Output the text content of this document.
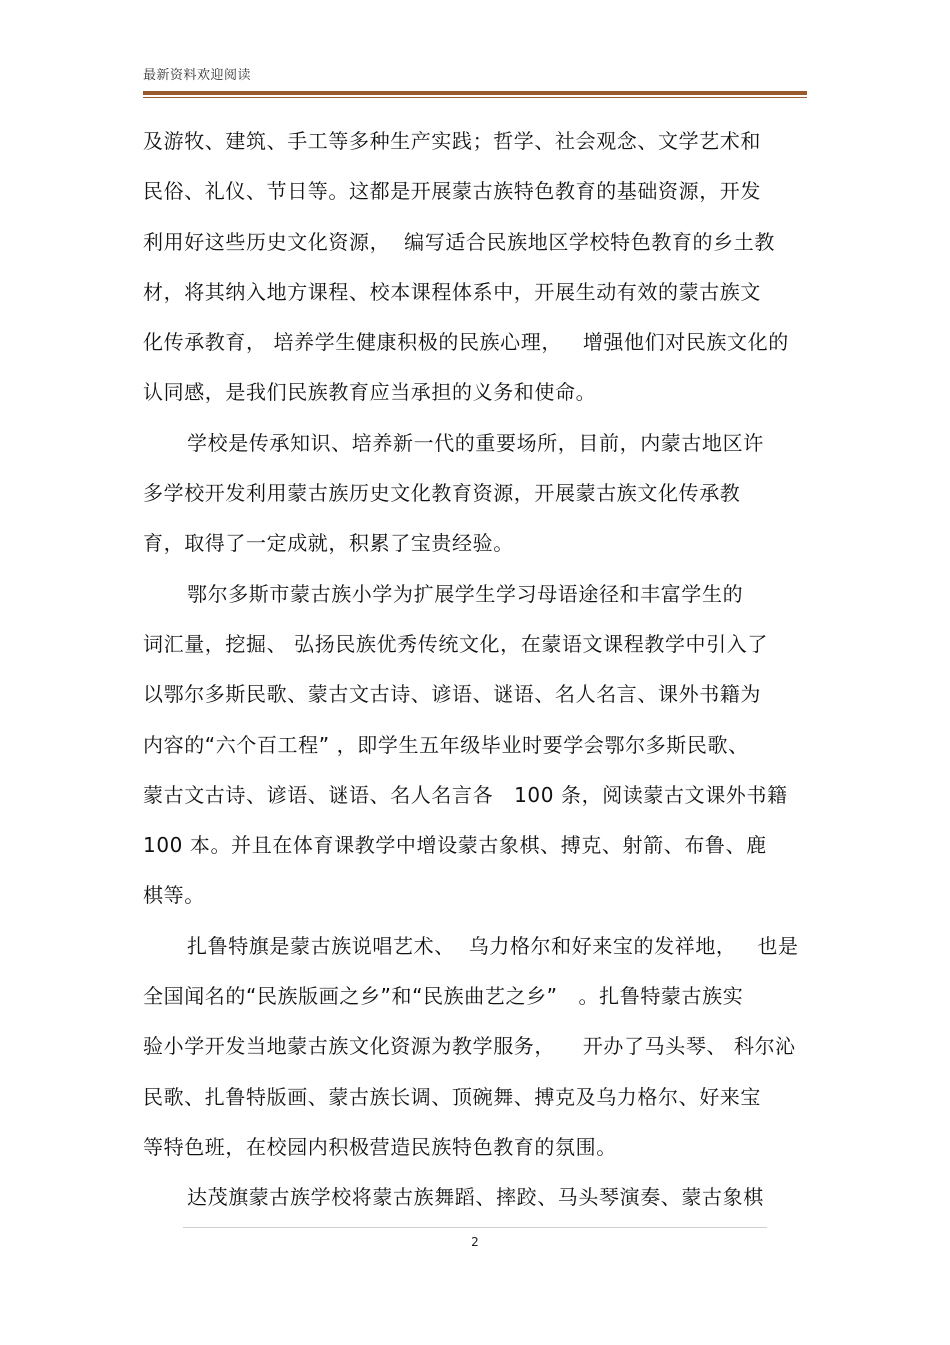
最新资料欢迎阅读
及游牧、建筑、手工等多种生产实践；哲学、社会观念、文学艺术和
民俗、礼仪、节日等。这都是开展蒙古族特色教育的基础资源，开发
利用好这些历史文化资源，  编写适合民族地区学校特色教育的乡土教
材，将其纳入地方课程、校本课程体系中，开展生动有效的蒙古族文
化传承教育， 培养学生健康积极的民族心理，   增强他们对民族文化的
认同感，是我们民族教育应当承担的义务和使命。
学校是传承知识、培养新一代的重要场所，目前，内蒙古地区许
多学校开发利用蒙古族历史文化教育资源，开展蒙古族文化传承教
育，取得了一定成就，积累了宝贵经验。
鄂尔多斯市蒙古族小学为扩展学生学习母语途径和丰富学生的
词汇量，挖掘、 弘扬民族优秀传统文化，在蒙语文课程教学中引入了
以鄂尔多斯民歌、蒙古文古诗、谚语、谜语、名人名言、课外书籍为
内容的“六个百工程” ，即学生五年级毕业时要学会鄂尔多斯民歌、
蒙古文古诗、谚语、谜语、名人名言各   100 条，阅读蒙古文课外书籍
100 本。并且在体育课教学中增设蒙古象棋、搏克、射箭、布鲁、鹿
棋等。
扎鲁特旗是蒙古族说唱艺术、  乌力格尔和好来宝的发祥地，   也是
全国闻名的“民族版画之乡”和“民族曲艺之乡”   。扎鲁特蒙古族实
验小学开发当地蒙古族文化资源为教学服务，    开办了马头琴、 科尔沁
民歌、扎鲁特版画、蒙古族长调、顶碗舞、搏克及乌力格尔、好来宝
等特色班，在校园内积极营造民族特色教育的氛围。
达茂旗蒙古族学校将蒙古族舞蹈、摔跤、马头琴演奏、蒙古象棋
2
